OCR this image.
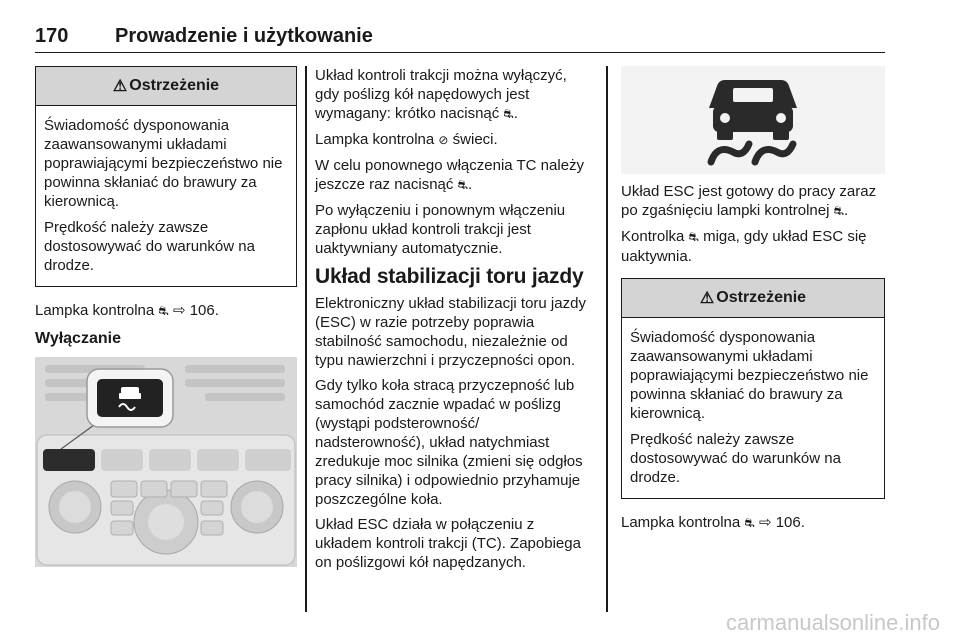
170 Prowadzenie i użytkowanie
⚠ Ostrzeżenie

Świadomość dysponowania zaawansowanymi układami poprawiającymi bezpieczeństwo nie powinna skłaniać do brawury za kierownicą.

Prędkość należy zawsze dostosowywać do warunków na drodze.

Lampka kontrolna ⛐ ⇨ 106.

Wyłączanie

Układ kontroli trakcji można wyłączyć, gdy poślizg kół napędowych jest wymagany: krótko nacisnąć ⛐.

Lampka kontrolna ⊘ świeci.

W celu ponownego włączenia TC należy jeszcze raz nacisnąć ⛐.

Po wyłączeniu i ponownym włączeniu zapłonu układ kontroli trakcji jest uaktywniany automatycznie.

Układ stabilizacji toru jazdy

Elektroniczny układ stabilizacji toru jazdy (ESC) w razie potrzeby poprawia stabilność samochodu, niezależnie od typu nawierzchni i przyczepności opon.

Gdy tylko koła stracą przyczepność lub samochód zacznie wpadać w poślizg (wystąpi podsterowność/ nadsterowność), układ natychmiast zredukuje moc silnika (zmieni się odgłos pracy silnika) i odpowiednio przyhamuje poszczególne koła.

Układ ESC działa w połączeniu z układem kontroli trakcji (TC). Zapobiega on poślizgowi kół napędzanych.

Układ ESC jest gotowy do pracy zaraz po zgaśnięciu lampki kontrolnej ⛐.

Kontrolka ⛐ miga, gdy układ ESC się uaktywnia.

⚠ Ostrzeżenie

Świadomość dysponowania zaawansowanymi układami poprawiającymi bezpieczeństwo nie powinna skłaniać do brawury za kierownicą.

Prędkość należy zawsze dostosowywać do warunków na drodze.

Lampka kontrolna ⛐ ⇨ 106.

carmanualsonline.info
